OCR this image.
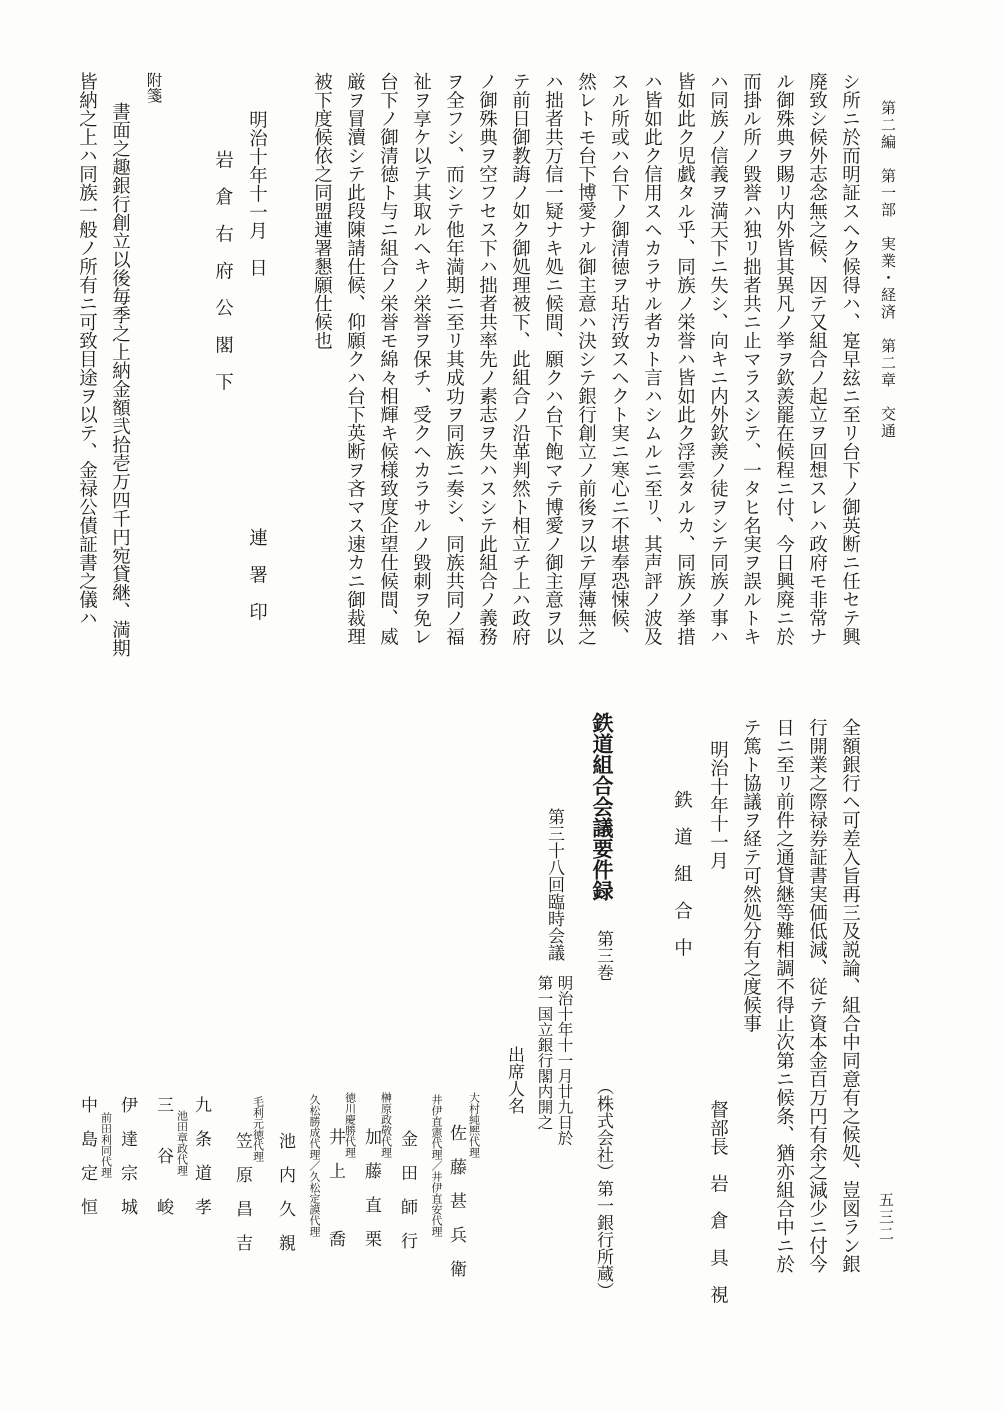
第二編　第一部　実業・経済　第二章　交通
五三二
シ所ニ於而明証スヘク候得ハ、寔早玆ニ至リ台下ノ御英断ニ任セテ興
廃致シ候外志念無之候、因テ又組合ノ起立ヲ回想スレハ政府モ非常ナ
ル御殊典ヲ賜リ内外皆其異凡ノ挙ヲ欽羨罷在候程ニ付、今日興廃ニ於
而掛ル所ノ毀誉ハ独リ拙者共ニ止マラスシテ、一タヒ名実ヲ誤ルトキ
ハ同族ノ信義ヲ満天下ニ失シ、向キニ内外欽羨ノ徒ヲシテ同族ノ事ハ
皆如此ク児戯タル乎、同族ノ栄誉ハ皆如此ク浮雲タルカ、同族ノ挙措
ハ皆如此ク信用スヘカラサル者カト言ハシムルニ至リ、其声評ノ波及
スル所或ハ台下ノ御清徳ヲ玷汚致スヘクト実ニ寒心ニ不堪奉恐悚候、
然レトモ台下博愛ナル御主意ハ決シテ銀行創立ノ前後ヲ以テ厚薄無之
ハ拙者共万信一疑ナキ処ニ候間、願クハ台下飽マテ博愛ノ御主意ヲ以
テ前日御教誨ノ如ク御処理被下、此組合ノ沿革判然ト相立チ上ハ政府
ノ御殊典ヲ空フセス下ハ拙者共率先ノ素志ヲ失ハスシテ此組合ノ義務
ヲ全フシ、而シテ他年満期ニ至リ其成功ヲ同族ニ奏シ、同族共同ノ福
祉ヲ享ケ以テ其取ルヘキノ栄誉ヲ保チ、受クヘカラサルノ毀刺ヲ免レ
台下ノ御清徳ト与ニ組合ノ栄誉モ綿々相輝キ候様致度企望仕候間、威
厳ヲ冒瀆シテ此段陳請仕候、仰願クハ台下英断ヲ吝マス速カニ御裁理
被下度候依之同盟連署懇願仕候也
明治十年十一月　日
連　署　印
岩　倉　右　府　公　閣　下
附箋
書面之趣銀行創立以後毎季之上納金額弐拾壱万四千円宛貸継、満期
皆納之上ハ同族一般ノ所有ニ可致目途ヲ以テ、金禄公債証書之儀ハ
全額銀行ヘ可差入旨再三及説論、組合中同意有之候処、豈図ラン銀
行開業之際禄券証書実価低減、従テ資本金百万円有余之減少ニ付今
日ニ至リ前件之通貸継等難相調不得止次第ニ候条、猶亦組合中ニ於
テ篤ト協議ヲ経テ可然処分有之度候事
督部長　岩　倉　具　視
明治十年十一月
鉄　道　組　合　中
鉄道組合会議要件録
第三巻
（株式会社）第一銀行所蔵）
第三十八回臨時会議
明治十年十一月廿九日於
第一国立銀行閣内開之
出席人名
大村純熈代理
佐　藤　甚　兵　衛
井伊直憲代理／井伊直安代理
金　田　師　行
榊原政敬代理
加　藤　直　栗
徳川慶勝代理
井　上　　　喬
久松勝成代理／久松定謨代理
池　内　久　親
毛利元徳代理
笠　原　昌　吉
九　条　道　孝
池田章政代理
三　　谷　　峻
伊　達　宗　城
前田利同代理
中　島　定　恒
